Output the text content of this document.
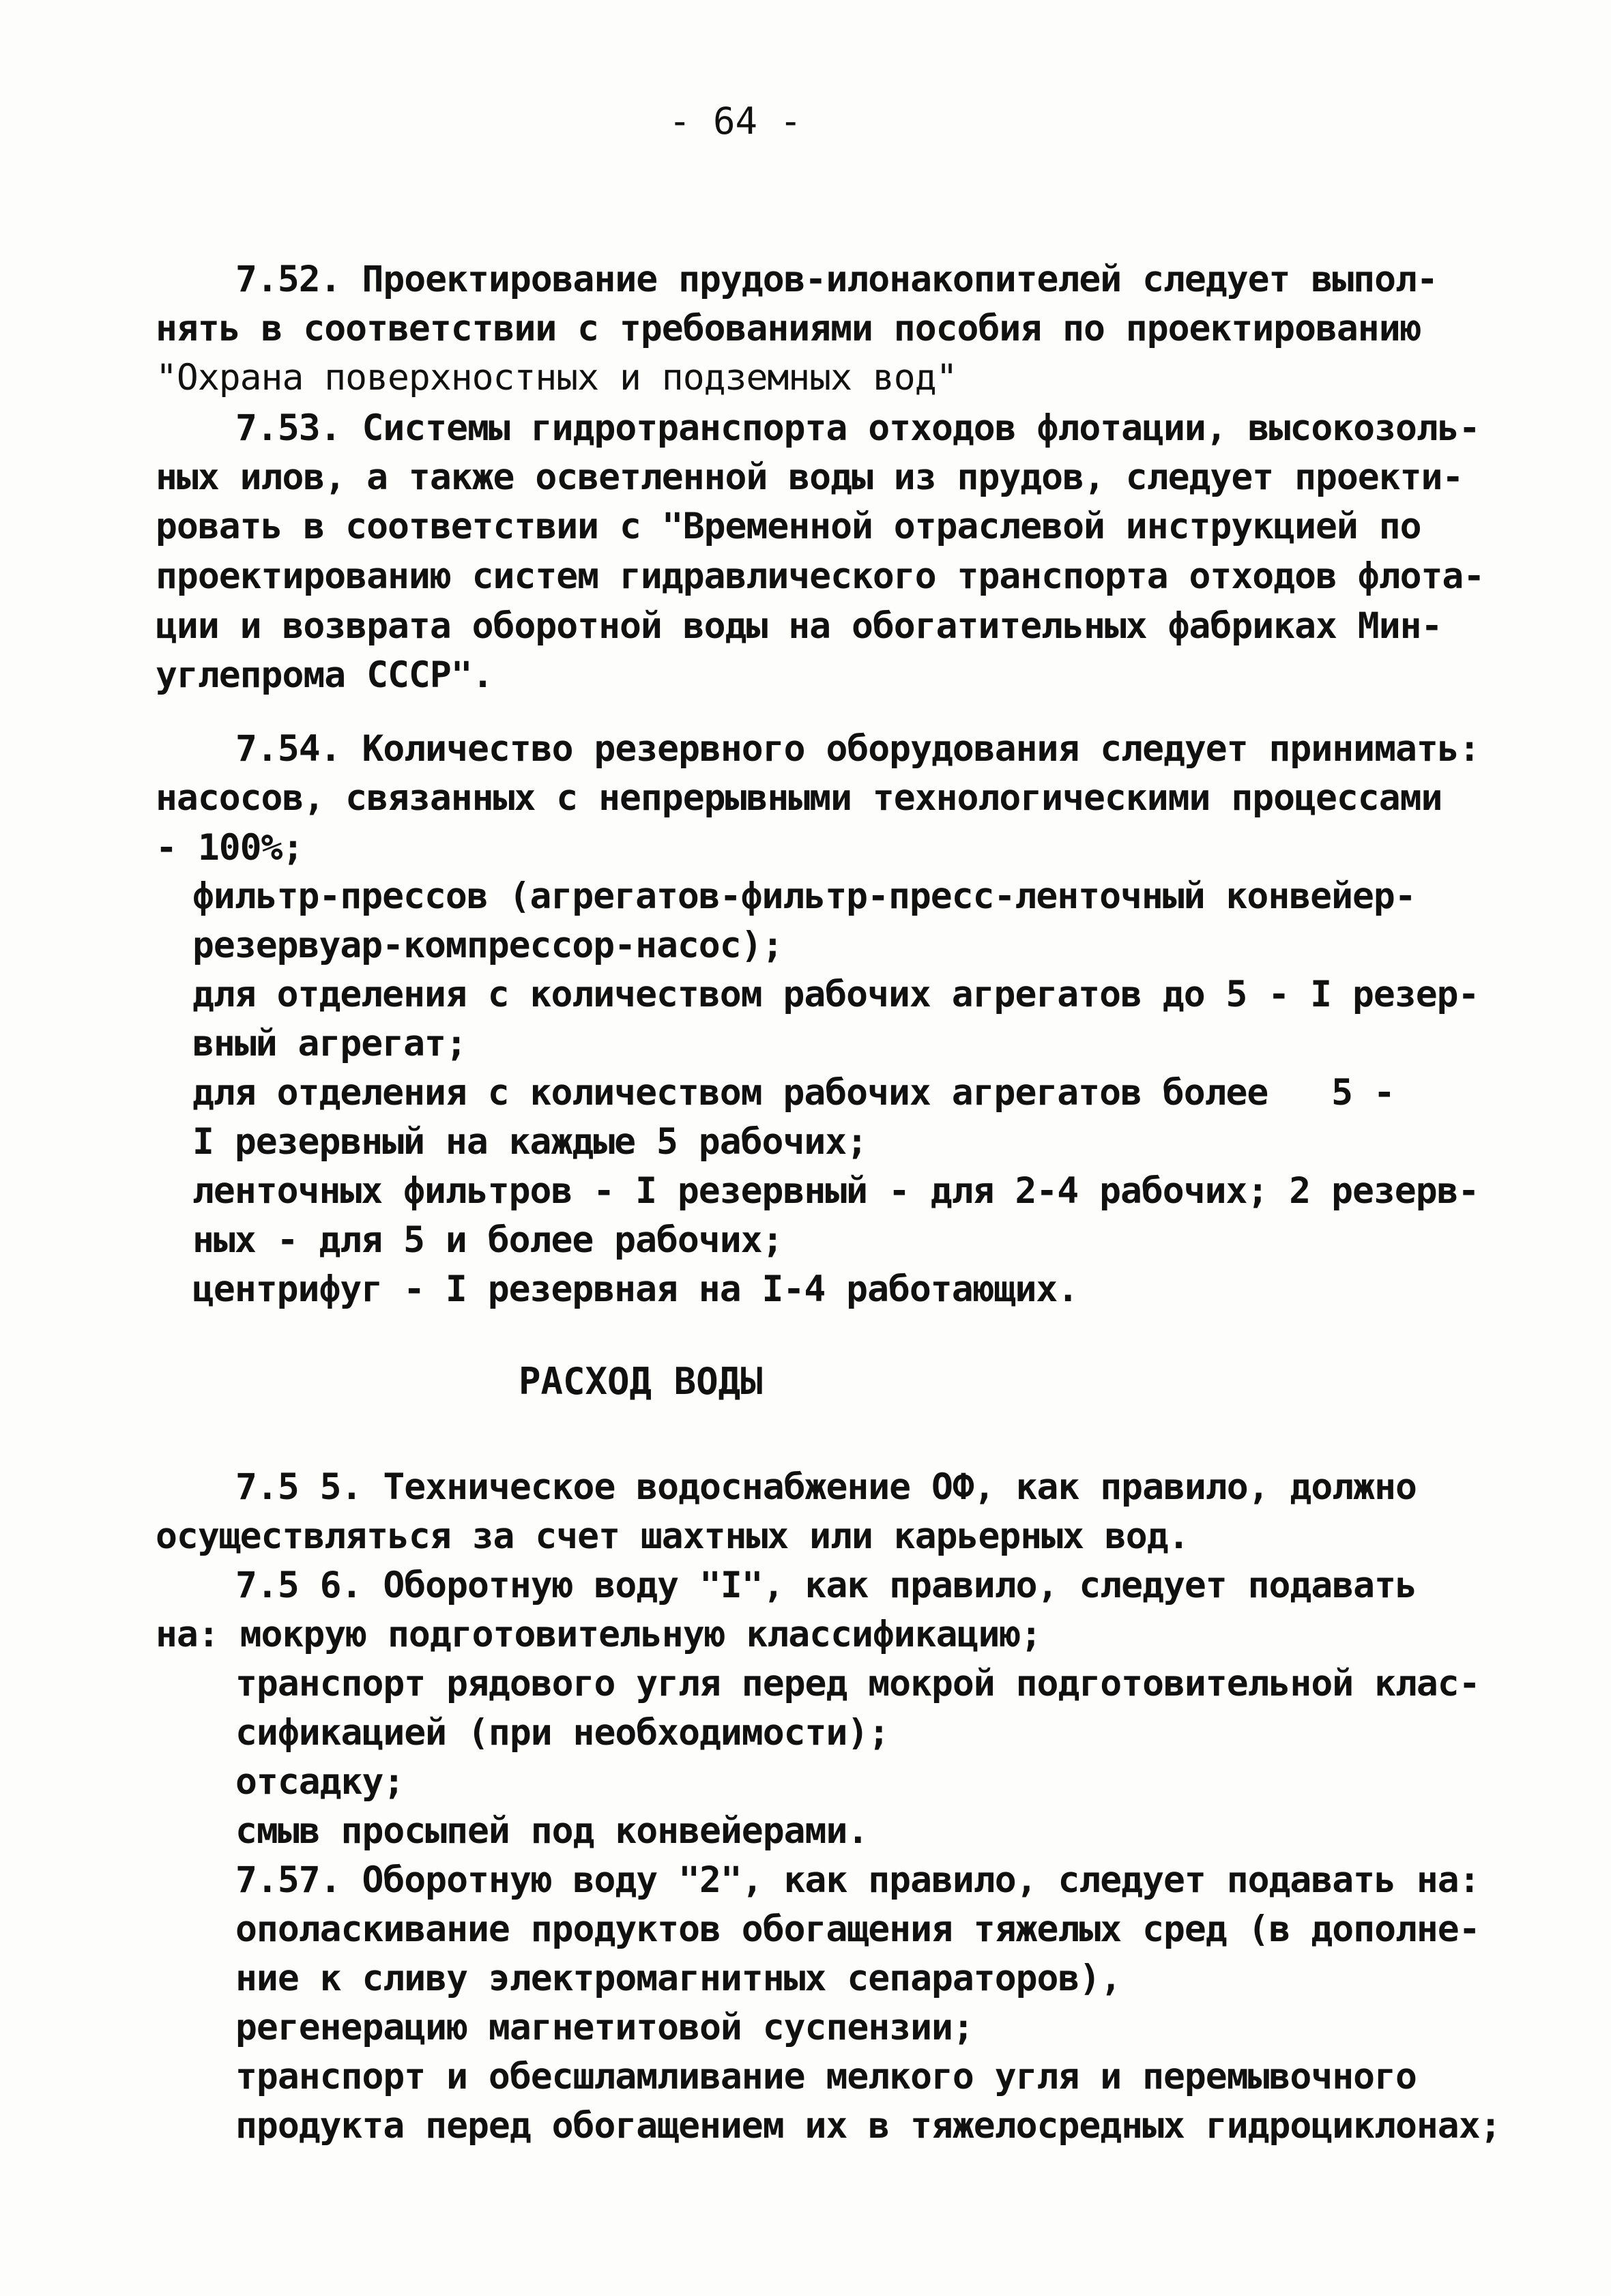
- 64 -
7.52. Проектирование прудов-илонакопителей следует выпол-
нять в соответствии с требованиями пособия по проектированию
"Охрана поверхностных и подземных вод"
7.53. Системы гидротранспорта отходов флотации, высокозоль-
ных илов, а также осветленной воды из прудов, следует проекти-
ровать в соответствии с "Временной отраслевой инструкцией по
проектированию систем гидравлического транспорта отходов флота-
ции и возврата оборотной воды на обогатительных фабриках Мин-
углепрома СССР".
7.54. Количество резервного оборудования следует принимать:
насосов, связанных с непрерывными технологическими процессами
- 100%;
фильтр-прессов (агрегатов-фильтр-пресс-ленточный конвейер-
резервуар-компрессор-насос);
для отделения с количеством рабочих агрегатов до 5 - I резер-
вный агрегат;
для отделения с количеством рабочих агрегатов более   5 -
I резервный на каждые 5 рабочих;
ленточных фильтров - I резервный - для 2-4 рабочих; 2 резерв-
ных - для 5 и более рабочих;
центрифуг - I резервная на I-4 работающих.
РАСХОД ВОДЫ
7.5 5. Техническое водоснабжение ОФ, как правило, должно
осуществляться за счет шахтных или карьерных вод.
7.5 6. Оборотную воду "I", как правило, следует подавать
на: мокрую подготовительную классификацию;
транспорт рядового угля перед мокрой подготовительной клас-
сификацией (при необходимости);
отсадку;
смыв просыпей под конвейерами.
7.57. Оборотную воду "2", как правило, следует подавать на:
ополаскивание продуктов обогащения тяжелых сред (в дополне-
ние к сливу электромагнитных сепараторов),
регенерацию магнетитовой суспензии;
транспорт и обесшламливание мелкого угля и перемывочного
продукта перед обогащением их в тяжелосредных гидроциклонах;
